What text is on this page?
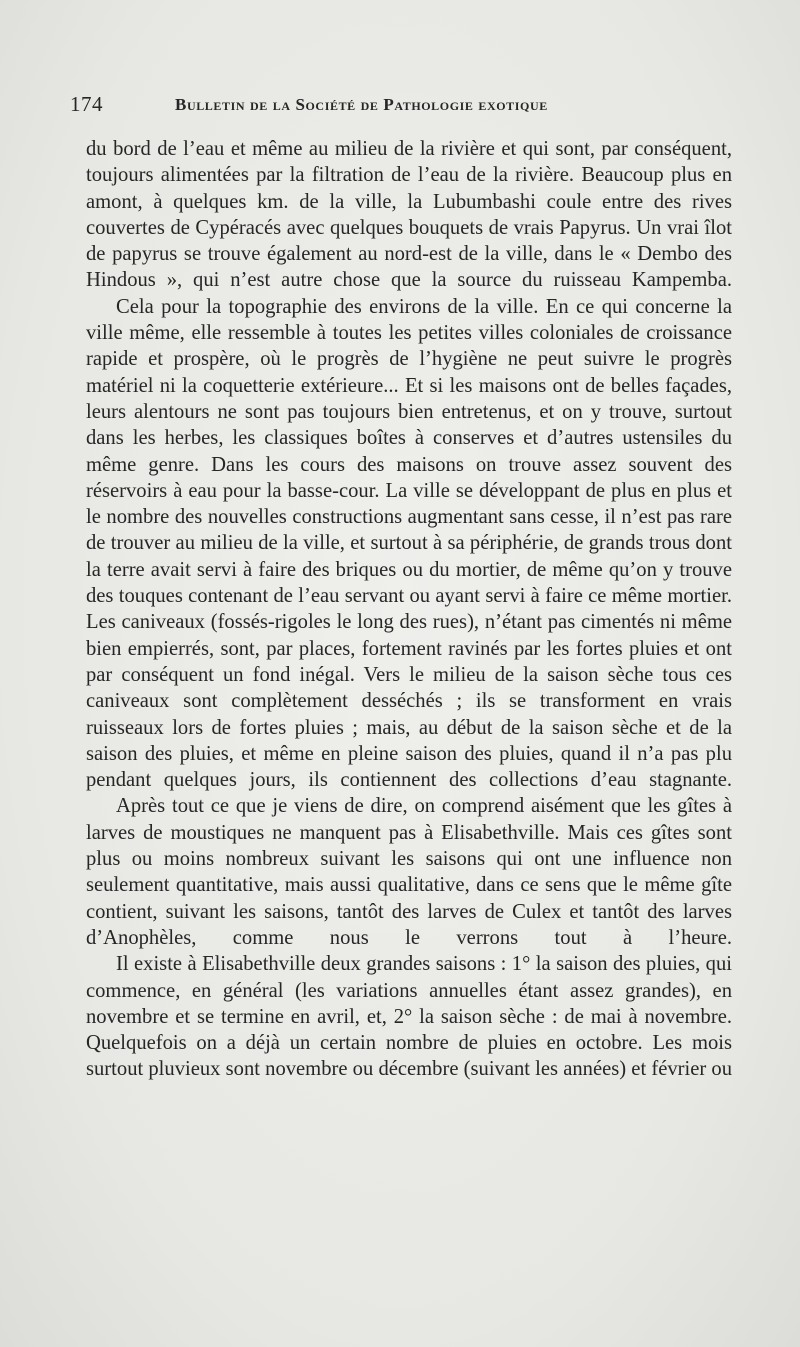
174	Bulletin de la Société de Pathologie exotique

du bord de l’eau et même au milieu de la rivière et qui sont, par conséquent, toujours alimentées par la filtration de l’eau de la rivière. Beaucoup plus en amont, à quelques km. de la ville, la Lubumbashi coule entre des rives couvertes de Cypéracés avec quelques bouquets de vrais Papyrus. Un vrai îlot de papyrus se trouve également au nord-est de la ville, dans le « Dembo des Hindous », qui n’est autre chose que la source du ruisseau Kampemba.

Cela pour la topographie des environs de la ville. En ce qui concerne la ville même, elle ressemble à toutes les petites villes coloniales de croissance rapide et prospère, où le progrès de l’hygiène ne peut suivre le progrès matériel ni la coquetterie extérieure... Et si les maisons ont de belles façades, leurs alentours ne sont pas toujours bien entretenus, et on y trouve, surtout dans les herbes, les classiques boîtes à conserves et d’autres ustensiles du même genre. Dans les cours des maisons on trouve assez souvent des réservoirs à eau pour la basse-cour. La ville se développant de plus en plus et le nombre des nouvelles constructions augmentant sans cesse, il n’est pas rare de trouver au milieu de la ville, et surtout à sa périphérie, de grands trous dont la terre avait servi à faire des briques ou du mortier, de même qu’on y trouve des touques contenant de l’eau servant ou ayant servi à faire ce même mortier. Les caniveaux (fossés-rigoles le long des rues), n’étant pas cimentés ni même bien empierrés, sont, par places, fortement ravinés par les fortes pluies et ont par conséquent un fond inégal. Vers le milieu de la saison sèche tous ces caniveaux sont complètement desséchés ; ils se transforment en vrais ruisseaux lors de fortes pluies ; mais, au début de la saison sèche et de la saison des pluies, et même en pleine saison des pluies, quand il n’a pas plu pendant quelques jours, ils contiennent des collections d’eau stagnante.

Après tout ce que je viens de dire, on comprend aisément que les gîtes à larves de moustiques ne manquent pas à Elisabethville. Mais ces gîtes sont plus ou moins nombreux suivant les saisons qui ont une influence non seulement quantitative, mais aussi qualitative, dans ce sens que le même gîte contient, suivant les saisons, tantôt des larves de Culex et tantôt des larves d’Anophèles, comme nous le verrons tout à l’heure.

Il existe à Elisabethville deux grandes saisons : 1° la saison des pluies, qui commence, en général (les variations annuelles étant assez grandes), en novembre et se termine en avril, et, 2° la saison sèche : de mai à novembre. Quelquefois on a déjà un certain nombre de pluies en octobre. Les mois surtout pluvieux sont novembre ou décembre (suivant les années) et février ou
